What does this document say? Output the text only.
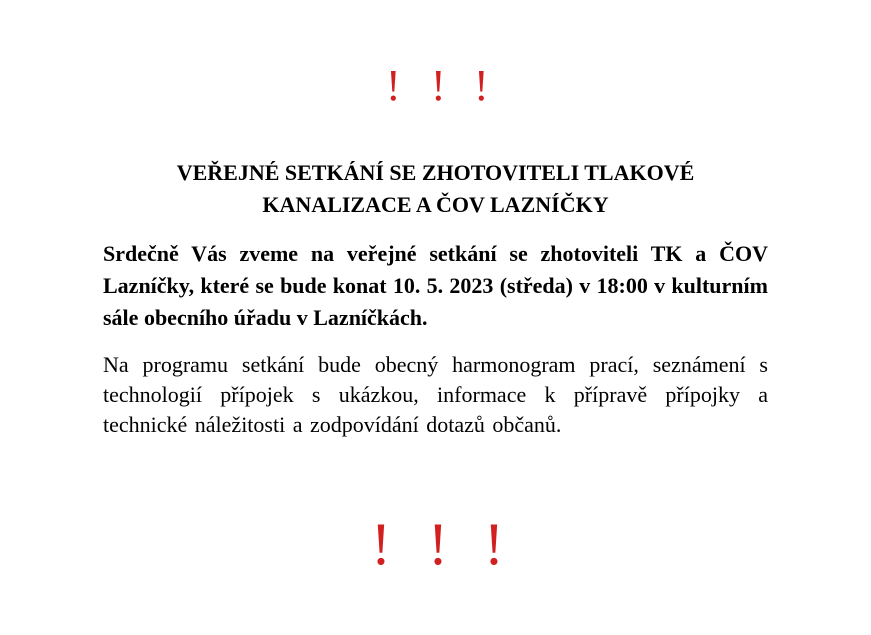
! ! !
VEŘEJNÉ SETKÁNÍ SE ZHOTOVITELI TLAKOVÉ
KANALIZACE A ČOV LAZNÍČKY

Srdečně Vás zveme na veřejné setkání se zhotoviteli TK a ČOV Lazníčky, které se bude konat 10. 5. 2023 (středa) v 18:00 v kulturním sále obecního úřadu v Lazníčkách.

Na programu setkání bude obecný harmonogram prací, seznámení s technologií přípojek s ukázkou, informace k přípravě přípojky a technické náležitosti a zodpovídání dotazů občanů.

! ! !
